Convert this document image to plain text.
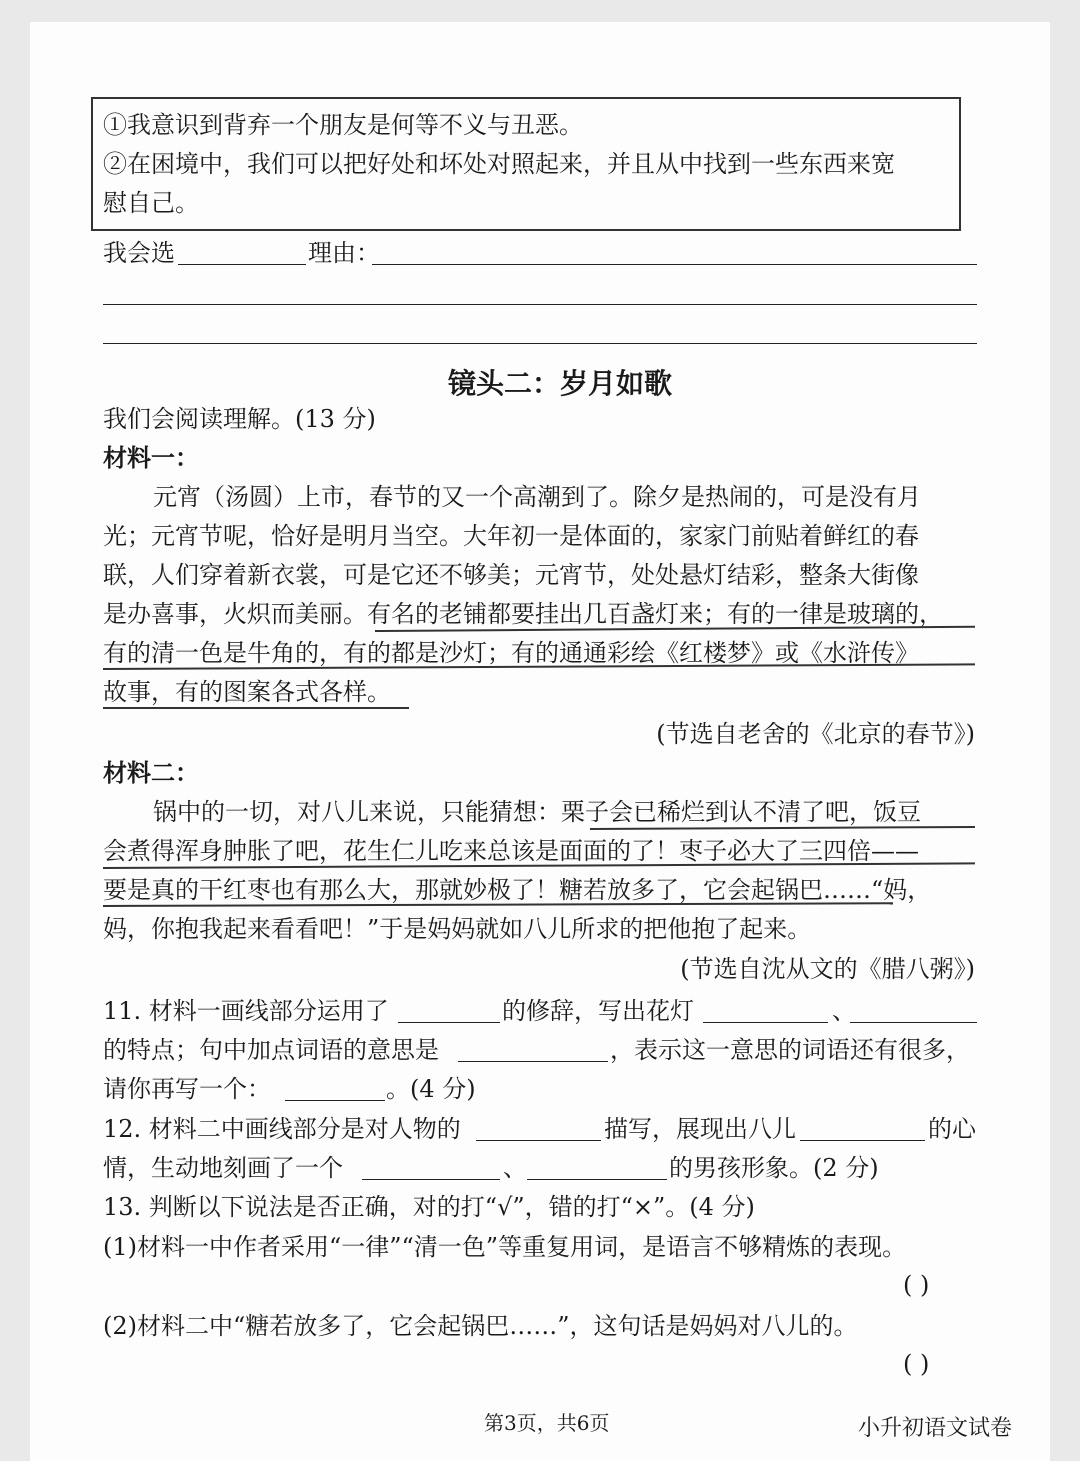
①我意识到背弃一个朋友是何等不义与丑恶。
②在困境中，我们可以把好处和坏处对照起来，并且从中找到一些东西来宽
慰自己。
我会选	理由：
镜头二：岁月如歌
我们会阅读理解。(13 分)
材料一：
元宵（汤圆）上市，春节的又一个高潮到了。除夕是热闹的，可是没有月
光；元宵节呢，恰好是明月当空。大年初一是体面的，家家门前贴着鲜红的春
联，人们穿着新衣裳，可是它还不够美；元宵节，处处悬灯结彩，整条大街像
是办喜事，火炽而美丽。有名的老铺都要挂出几百盏灯来；有的一律是玻璃的，
有的清一色是牛角的，有的都是沙灯；有的通通彩绘《红楼梦》或《水浒传》
故事，有的图案各式各样。
(节选自老舍的《北京的春节》)
材料二：
锅中的一切，对八儿来说，只能猜想：栗子会已稀烂到认不清了吧，饭豆
会煮得浑身肿胀了吧，花生仁儿吃来总该是面面的了！枣子必大了三四倍——
要是真的干红枣也有那么大，那就妙极了！糖若放多了，它会起锅巴……“妈，
妈，你抱我起来看看吧！”于是妈妈就如八儿所求的把他抱了起来。
(节选自沈从文的《腊八粥》)
11. 材料一画线部分运用了	的修辞，写出花灯	、
的特点；句中加点词语的意思是	，表示这一意思的词语还有很多，
请你再写一个：	。(4 分)
12. 材料二中画线部分是对人物的	描写，展现出八儿	的心
情，生动地刻画了一个	、	的男孩形象。(2 分)
13. 判断以下说法是否正确，对的打“√”，错的打“×”。(4 分)
(1)材料一中作者采用“一律”“清一色”等重复用词，是语言不够精炼的表现。
( )
(2)材料二中“糖若放多了，它会起锅巴……”，这句话是妈妈对八儿的。
( )
第3页，共6页	小升初语文试卷
